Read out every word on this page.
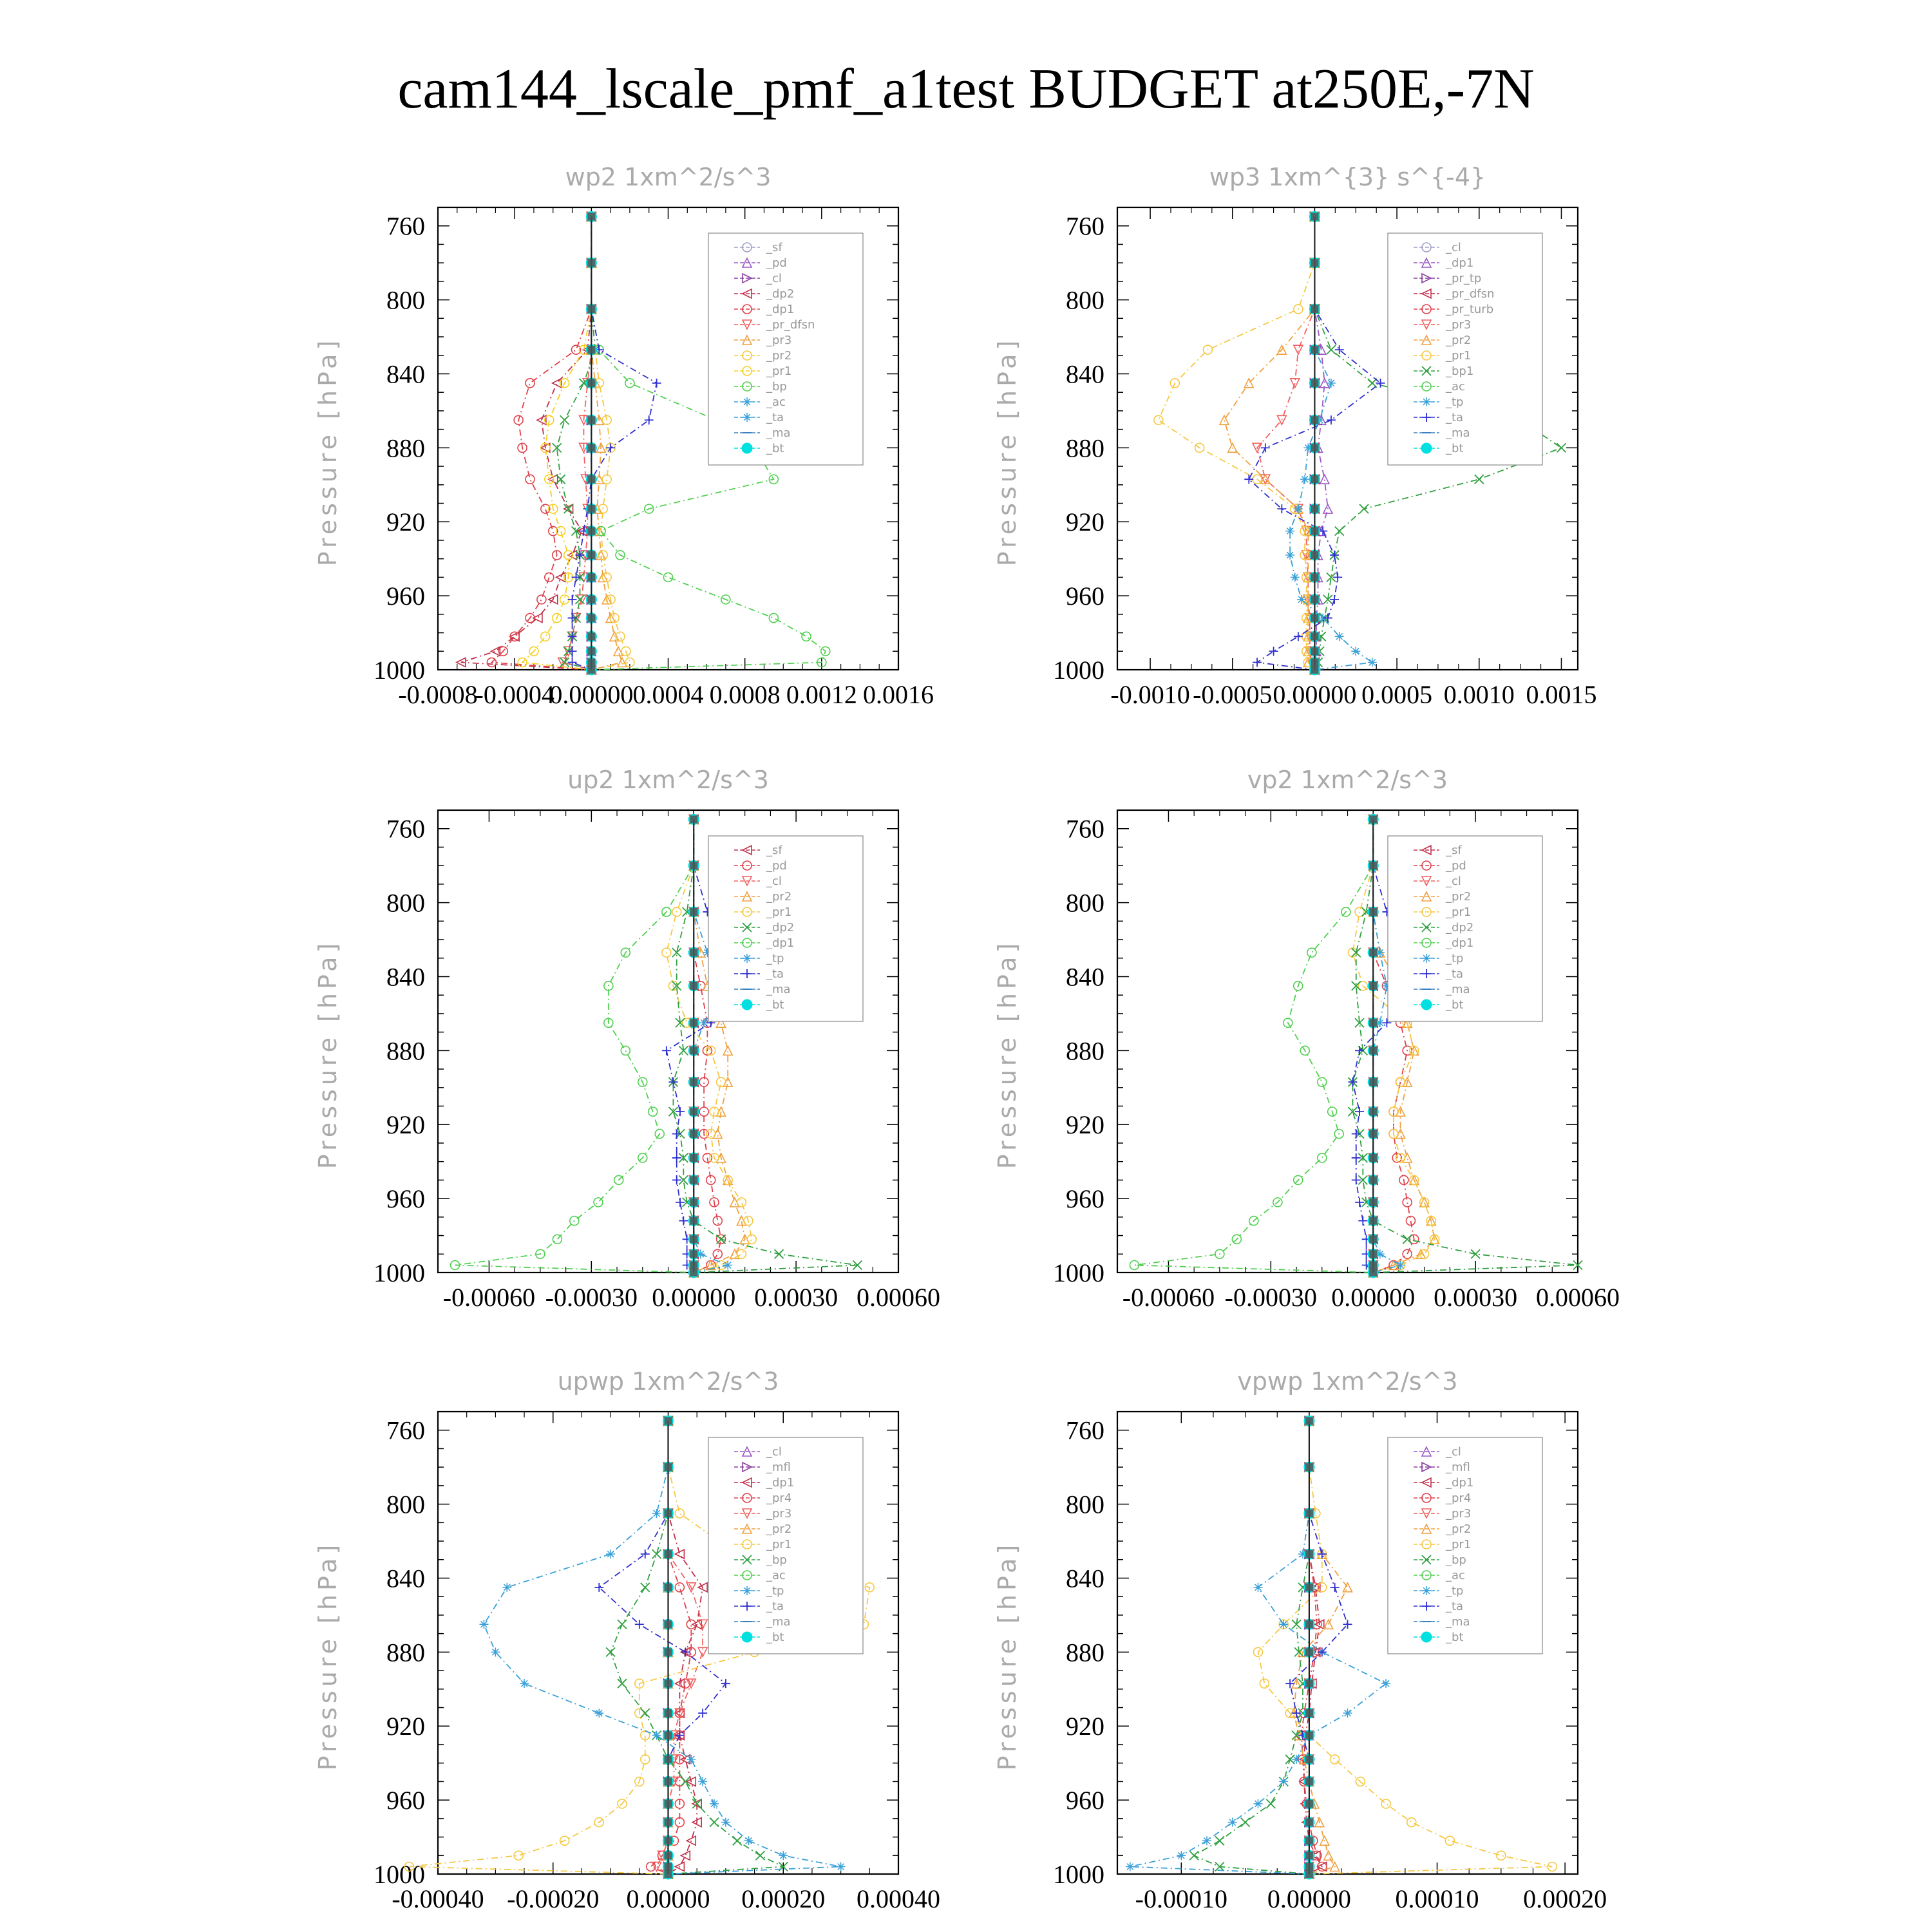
cam144_lscale_pmf_a1test BUDGET at250E,-7N
wp2 1xm^2/s^3
Pressure [hPa]
760
800
840
880
920
960
1000
-0.0008
-0.0004
0.00000 0.0004 0.0008 0.0012 0.0016
_sf
_pd
_cl
_dp2
_dp1
_pr_dfsn
_pr3
_pr2
_pr1
_bp
_ac
_ta
_ma
_bt
wp3 1xm^{3} s^{-4}
Pressure [hPa]
760
800
840
880
920
960
1000
-0.0010 -0.0005 0.00000 0.0005 0.0010 0.0015
_cl
_dp1
_pr_tp
_pr_dfsn
_pr_turb
_pr3
_pr2
_pr1
_bp1
_ac
_tp
_ta
_ma
_bt
up2 1xm^2/s^3
Pressure [hPa]
760
800
840
880
920
960
1000
-0.00060 -0.00030 0.00000 0.00030 0.00060
_sf
_pd
_cl
_pr2
_pr1
_dp2
_dp1
_tp
_ta
_ma
_bt
vp2 1xm^2/s^3
Pressure [hPa]
760
800
840
880
920
960
1000
-0.00060 -0.00030 0.00000 0.00030 0.00060
_sf
_pd
_cl
_pr2
_pr1
_dp2
_dp1
_tp
_ta
_ma
_bt
upwp 1xm^2/s^3
Pressure [hPa]
760
800
840
880
920
960
1000
-0.00040 -0.00020 0.00000 0.00020 0.00040
_cl
_mfl
_dp1
_pr4
_pr3
_pr2
_pr1
_bp
_ac
_tp
_ta
_ma
_bt
vpwp 1xm^2/s^3
Pressure [hPa]
760
800
840
880
920
960
1000
-0.00010 0.00000 0.00010 0.00020
_cl
_mfl
_dp1
_pr4
_pr3
_pr2
_pr1
_bp
_ac
_tp
_ta
_ma
_bt
